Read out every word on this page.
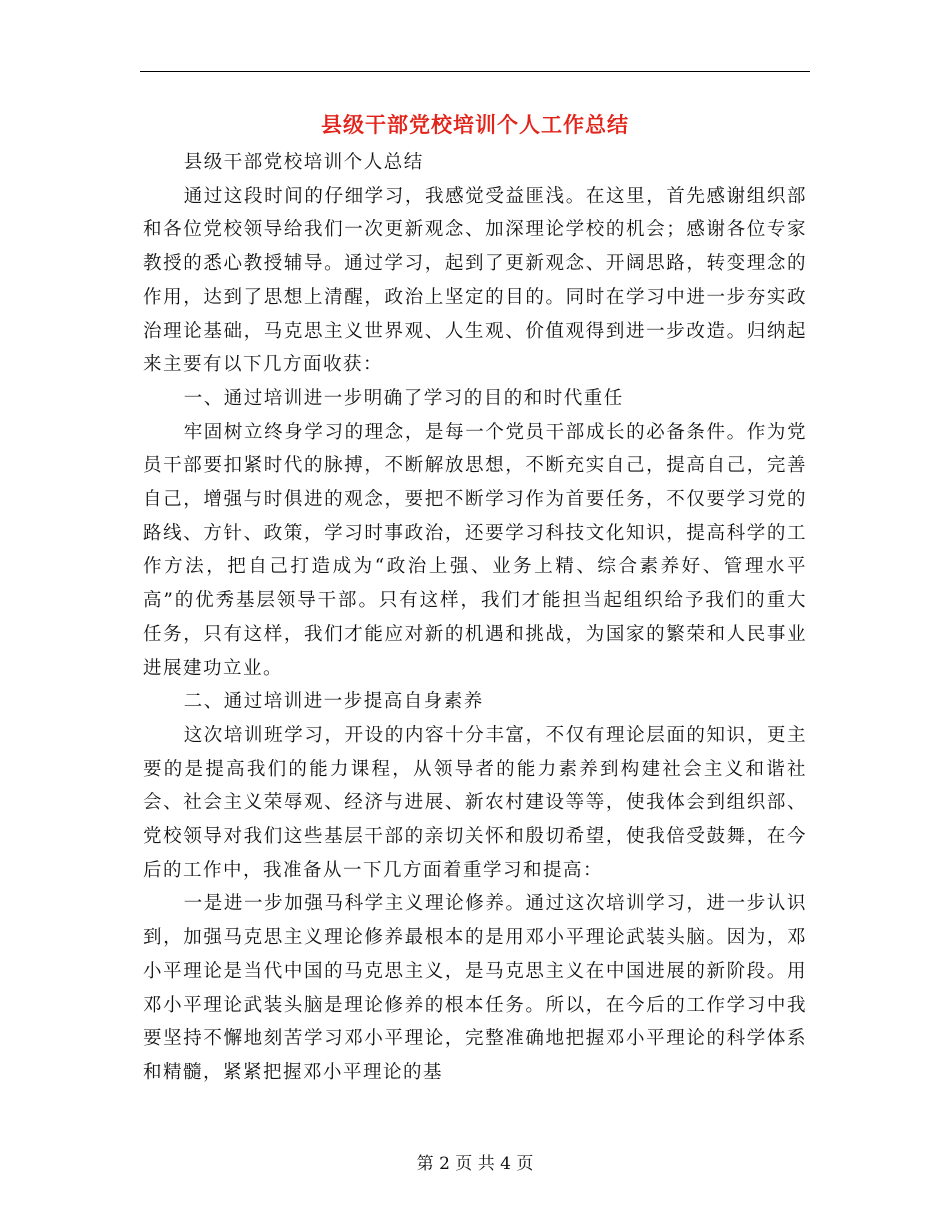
县级干部党校培训个人工作总结

县级干部党校培训个人总结

通过这段时间的仔细学习，我感觉受益匪浅。在这里，首先感谢组织部和各位党校领导给我们一次更新观念、加深理论学校的机会；感谢各位专家教授的悉心教授辅导。通过学习，起到了更新观念、开阔思路，转变理念的作用，达到了思想上清醒，政治上坚定的目的。同时在学习中进一步夯实政治理论基础，马克思主义世界观、人生观、价值观得到进一步改造。归纳起来主要有以下几方面收获：

一、通过培训进一步明确了学习的目的和时代重任

牢固树立终身学习的理念，是每一个党员干部成长的必备条件。作为党员干部要扣紧时代的脉搏，不断解放思想，不断充实自己，提高自己，完善自己，增强与时俱进的观念，要把不断学习作为首要任务，不仅要学习党的路线、方针、政策，学习时事政治，还要学习科技文化知识，提高科学的工作方法，把自己打造成为“政治上强、业务上精、综合素养好、管理水平高”的优秀基层领导干部。只有这样，我们才能担当起组织给予我们的重大任务，只有这样，我们才能应对新的机遇和挑战，为国家的繁荣和人民事业进展建功立业。

二、通过培训进一步提高自身素养

这次培训班学习，开设的内容十分丰富，不仅有理论层面的知识，更主要的是提高我们的能力课程，从领导者的能力素养到构建社会主义和谐社会、社会主义荣辱观、经济与进展、新农村建设等等，使我体会到组织部、党校领导对我们这些基层干部的亲切关怀和殷切希望，使我倍受鼓舞，在今后的工作中，我准备从一下几方面着重学习和提高：

一是进一步加强马科学主义理论修养。通过这次培训学习，进一步认识到，加强马克思主义理论修养最根本的是用邓小平理论武装头脑。因为，邓小平理论是当代中国的马克思主义，是马克思主义在中国进展的新阶段。用邓小平理论武装头脑是理论修养的根本任务。所以，在今后的工作学习中我要坚持不懈地刻苦学习邓小平理论，完整准确地把握邓小平理论的科学体系和精髓，紧紧把握邓小平理论的基

第 2 页 共 4 页
